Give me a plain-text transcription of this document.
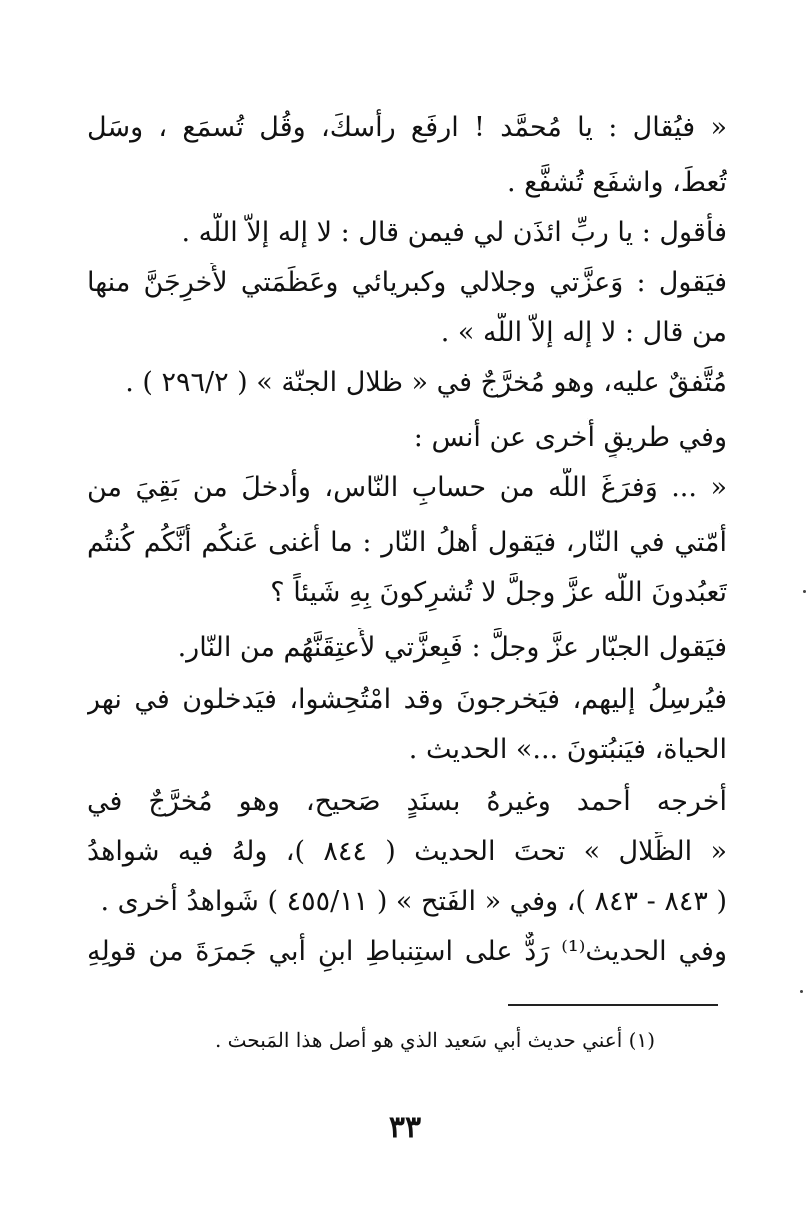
« فيُقال : يا مُحمَّد ! ارفَع رأسكَ، وقُل تُسمَع ، وسَل
تُعطَ، واشفَع تُشفَّع .
فأقول : يا ربِّ ائذَن لي فيمن قال : لا إله إلاّ اللّه .
فيَقول : وَعزَّتي وجلالي وكبريائي وعَظَمَتي لأُخرِجَنَّ منها
من قال : لا إله إلاّ اللّه » .
مُتَّفقٌ عليه، وهو مُخرَّجٌ في « ظلال الجنّة » ( ٢٩٦/٢ ) .
وفي طريقٍ أُخرى عن أنس :
« ... وَفرَغَ اللّه من حسابِ النّاس، وأدخلَ من بَقِيَ من
أُمّتي في النّار، فيَقول أهلُ النّار : ما أغنى عَنكُم أنَّكُم كُنتُم
تَعبُدونَ اللّه عزَّ وجلَّ لا تُشرِكونَ بِهِ شَيئاً ؟
فيَقول الجبّار عزَّ وجلَّ : فَبِعزَّتي لأُعتِقَنَّهُم من النّار.
فيُرسِلُ إليهم، فيَخرجونَ وقد امْتُحِشوا، فيَدخلون في نهر
الحياة، فيَنبُتونَ ...» الحديث .
أخرجه أحمد وغيرهُ بسنَدٍ صَحيح، وهو مُخرَّجٌ في
« الظِّلال » تحتَ الحديث ( ٨٤٤ )، ولهُ فيه شواهدُ
( ٨٤٣ - ٨٤٣ )، وفي « الفَتح » ( ٤٥٥/١١ ) شَواهدُ أُخرى .
وفي الحديث⁽¹⁾ رَدٌّ على استِنباطِ ابنِ أبي جَمرَةَ من قولِهِ
(١) أعني حديث أبي سَعيد الذي هو أصل هذا المَبحث .
٣٣
